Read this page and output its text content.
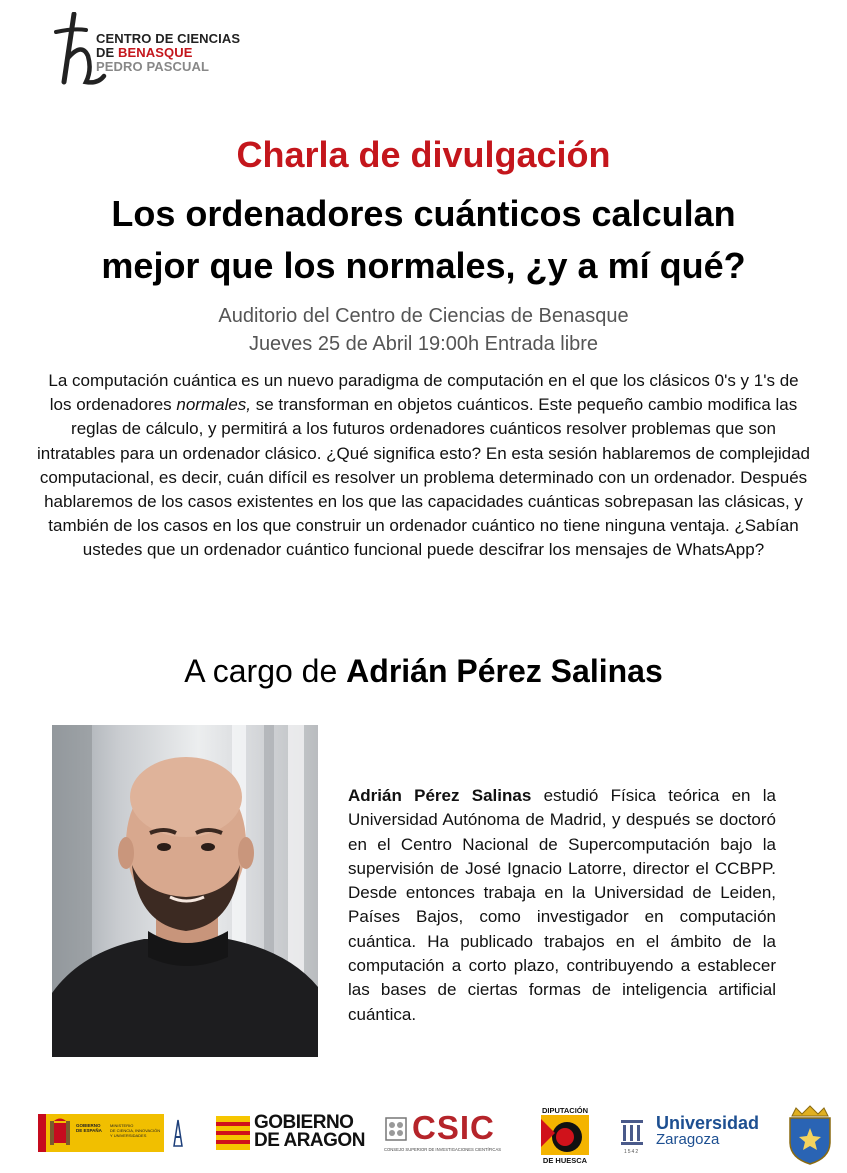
CENTRO DE CIENCIAS
DE BENASQUE
PEDRO PASCUAL
Charla de divulgación
Los ordenadores cuánticos calculan
mejor que los normales, ¿y a mí qué?
Auditorio del Centro de Ciencias de Benasque
Jueves 25 de Abril 19:00h Entrada libre

La computación cuántica es un nuevo paradigma de computación en el que los clásicos 0's y 1's de los ordenadores normales, se transforman en objetos cuánticos. Este pequeño cambio modifica las reglas de cálculo, y permitirá a los futuros ordenadores cuánticos resolver problemas que son intratables para un ordenador clásico. ¿Qué significa esto? En esta sesión hablaremos de complejidad computacional, es decir, cuán difícil es resolver un problema determinado con un ordenador. Después hablaremos de los casos existentes en los que las capacidades cuánticas sobrepasan las clásicas, y también de los casos en los que construir un ordenador cuántico no tiene ninguna ventaja. ¿Sabían ustedes que un ordenador cuántico funcional puede descifrar los mensajes de WhatsApp?

A cargo de Adrián Pérez Salinas

Adrián Pérez Salinas estudió Física teórica en la Universidad Autónoma de Madrid, y después se doctoró en el Centro Nacional de Supercomputación bajo la supervisión de José Ignacio Latorre, director el CCBPP. Desde entonces trabaja en la Universidad de Leiden, Países Bajos, como investigador en computación cuántica. Ha publicado trabajos en el ámbito de la computación a corto plazo, contribuyendo a establecer las bases de ciertas formas de inteligencia artificial cuántica.

GOBIERNO
DE ESPAÑA
MINISTERIO
DE CIENCIA, INNOVACIÓN
Y UNIVERSIDADES
GOBIERNO
DE ARAGON CSIC
CONSEJO SUPERIOR DE INVESTIGACIONES CIENTÍFICAS
DIPUTACIÓN
DE HUESCA
1542
Universidad
Zaragoza
